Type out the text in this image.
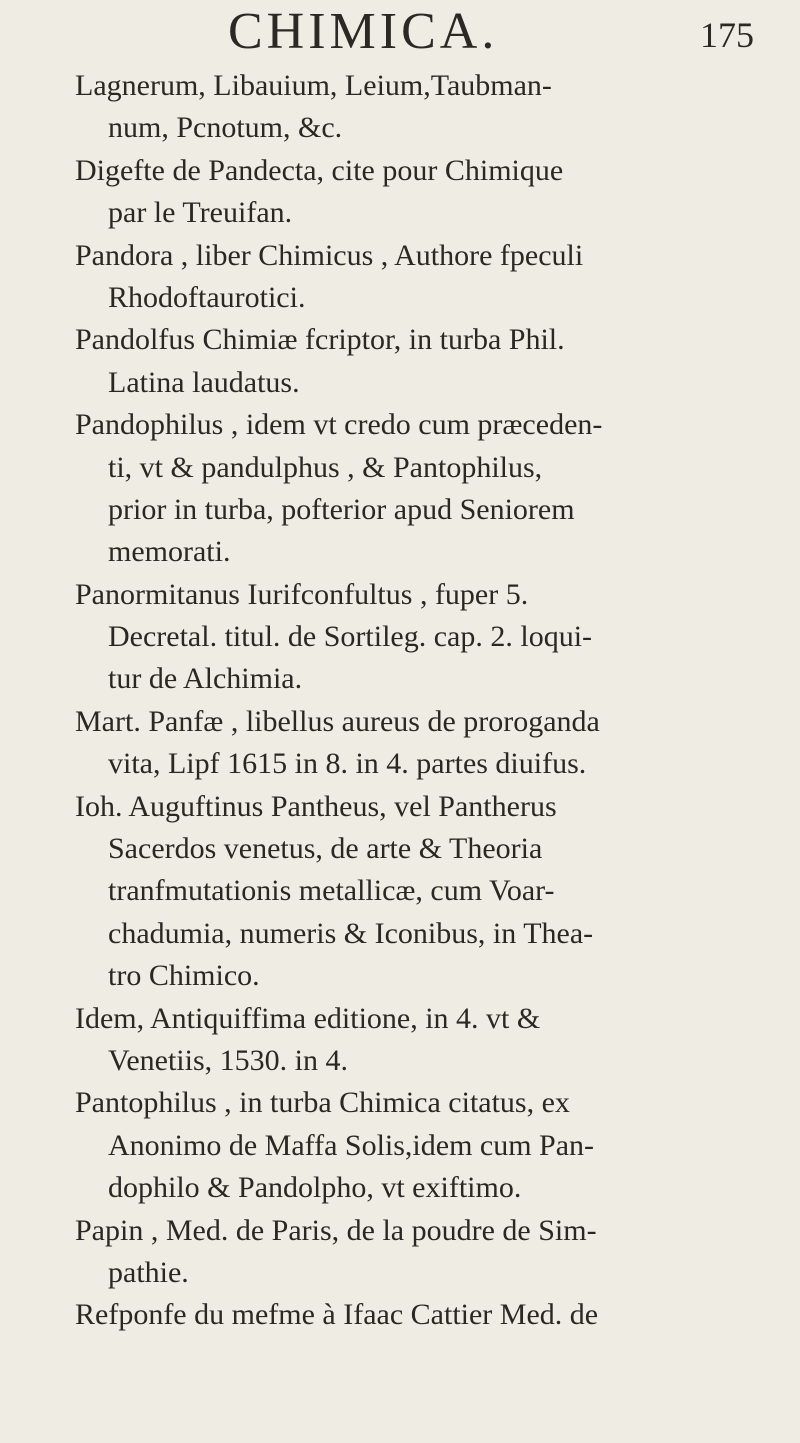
CHIMICA.	175
Lagnerum, Libauium, Leium,Taubman-
num, Pcnotum, &c.
Digefte de Pandecta, cite pour Chimique
par le Treuifan.
Pandora , liber Chimicus , Authore fpeculi
Rhodoftaurotici.
Pandolfus Chimiæ fcriptor, in turba Phil.
Latina laudatus.
Pandophilus , idem vt credo cum præceden-
ti, vt & pandulphus , & Pantophilus,
prior in turba, pofterior apud Seniorem
memorati.
Panormitanus Iurifconfultus , fuper 5.
Decretal. titul. de Sortileg. cap. 2. loqui-
tur de Alchimia.
Mart. Panfæ , libellus aureus de proroganda
vita, Lipf 1615 in 8. in 4. partes diuifus.
Ioh. Auguftinus Pantheus, vel Pantherus
Sacerdos venetus, de arte & Theoria
tranfmutationis metallicæ, cum Voar-
chadumia, numeris & Iconibus, in Thea-
tro Chimico.
Idem, Antiquiffima editione, in 4. vt &
Venetiis, 1530. in 4.
Pantophilus , in turba Chimica citatus, ex
Anonimo de Maffa Solis,idem cum Pan-
dophilo & Pandolpho, vt exiftimo.
Papin , Med. de Paris, de la poudre de Sim-
pathie.
Refponfe du mefme à Ifaac Cattier Med. de
